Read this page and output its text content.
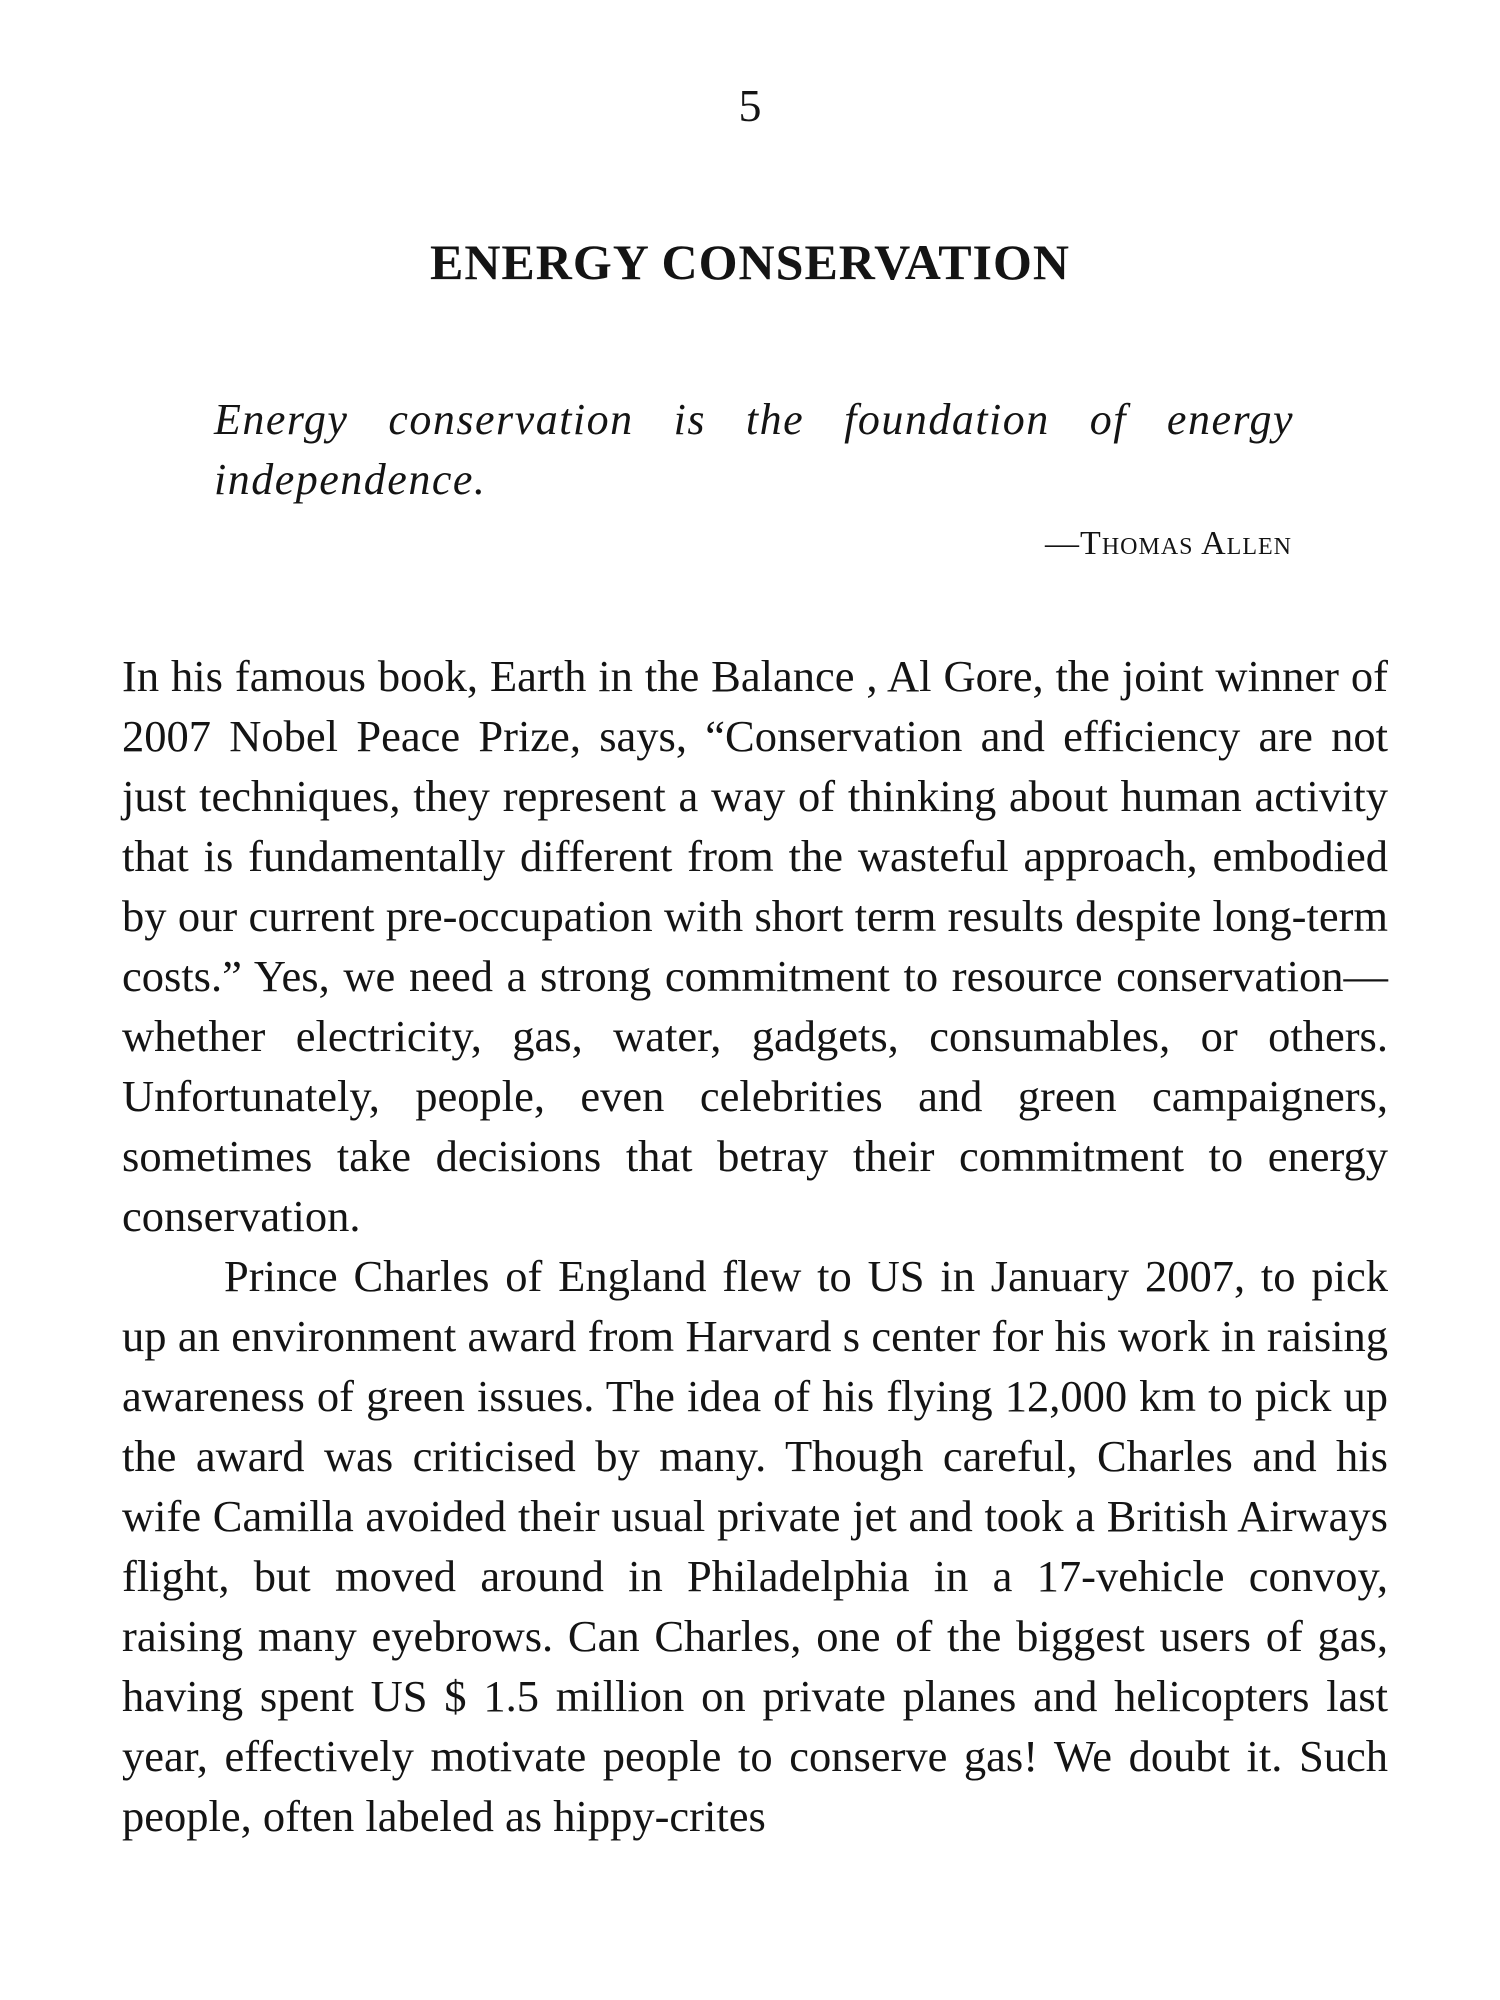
5
ENERGY CONSERVATION
Energy conservation is the foundation of energy independence.
—Thomas Allen

In his famous book, Earth in the Balance , Al Gore, the joint winner of 2007 Nobel Peace Prize, says, “Conservation and efficiency are not just techniques, they represent a way of thinking about human activity that is fundamentally different from the wasteful approach, embodied by our current pre-occupation with short term results despite long-term costs.” Yes, we need a strong commitment to resource conservation—whether electricity, gas, water, gadgets, consumables, or others. Unfortunately, people, even celebrities and green campaigners, sometimes take decisions that betray their commitment to energy conservation.

Prince Charles of England flew to US in January 2007, to pick up an environment award from Harvard s center for his work in raising awareness of green issues. The idea of his flying 12,000 km to pick up the award was criticised by many. Though careful, Charles and his wife Camilla avoided their usual private jet and took a British Airways flight, but moved around in Philadelphia in a 17-vehicle convoy, raising many eyebrows. Can Charles, one of the biggest users of gas, having spent US $ 1.5 million on private planes and helicopters last year, effectively motivate people to conserve gas! We doubt it. Such people, often labeled as hippy-crites
